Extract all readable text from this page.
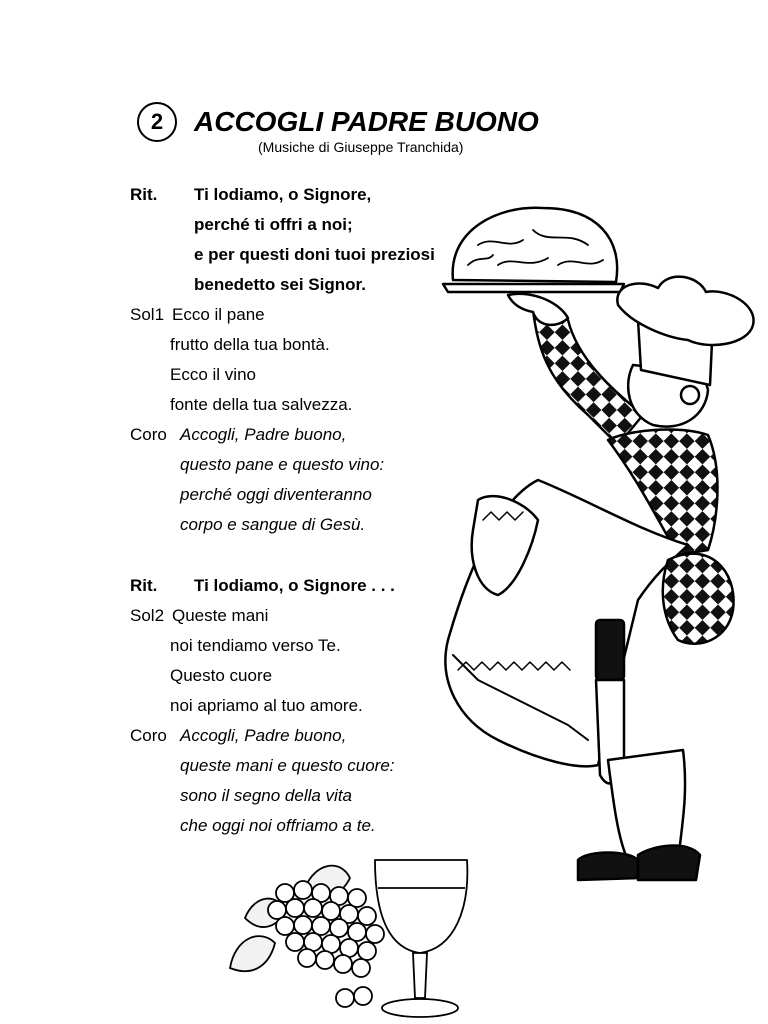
2 ACCOGLI PADRE BUONO
(Musiche di Giuseppe Tranchida)
Rit. Ti lodiamo, o Signore,
perché ti offri a noi;
e per questi doni tuoi preziosi
benedetto sei Signor.
Sol1 Ecco il pane
frutto della tua bontà.
Ecco il vino
fonte della tua salvezza.
Coro Accogli, Padre buono,
questo pane e questo vino:
perché oggi diventeranno
corpo e sangue di Gesù.
Rit. Ti lodiamo, o Signore . . .
Sol2 Queste mani
noi tendiamo verso Te.
Questo cuore
noi apriamo al tuo amore.
Coro Accogli, Padre buono,
queste mani e questo cuore:
sono il segno della vita
che oggi noi offriamo a te.
